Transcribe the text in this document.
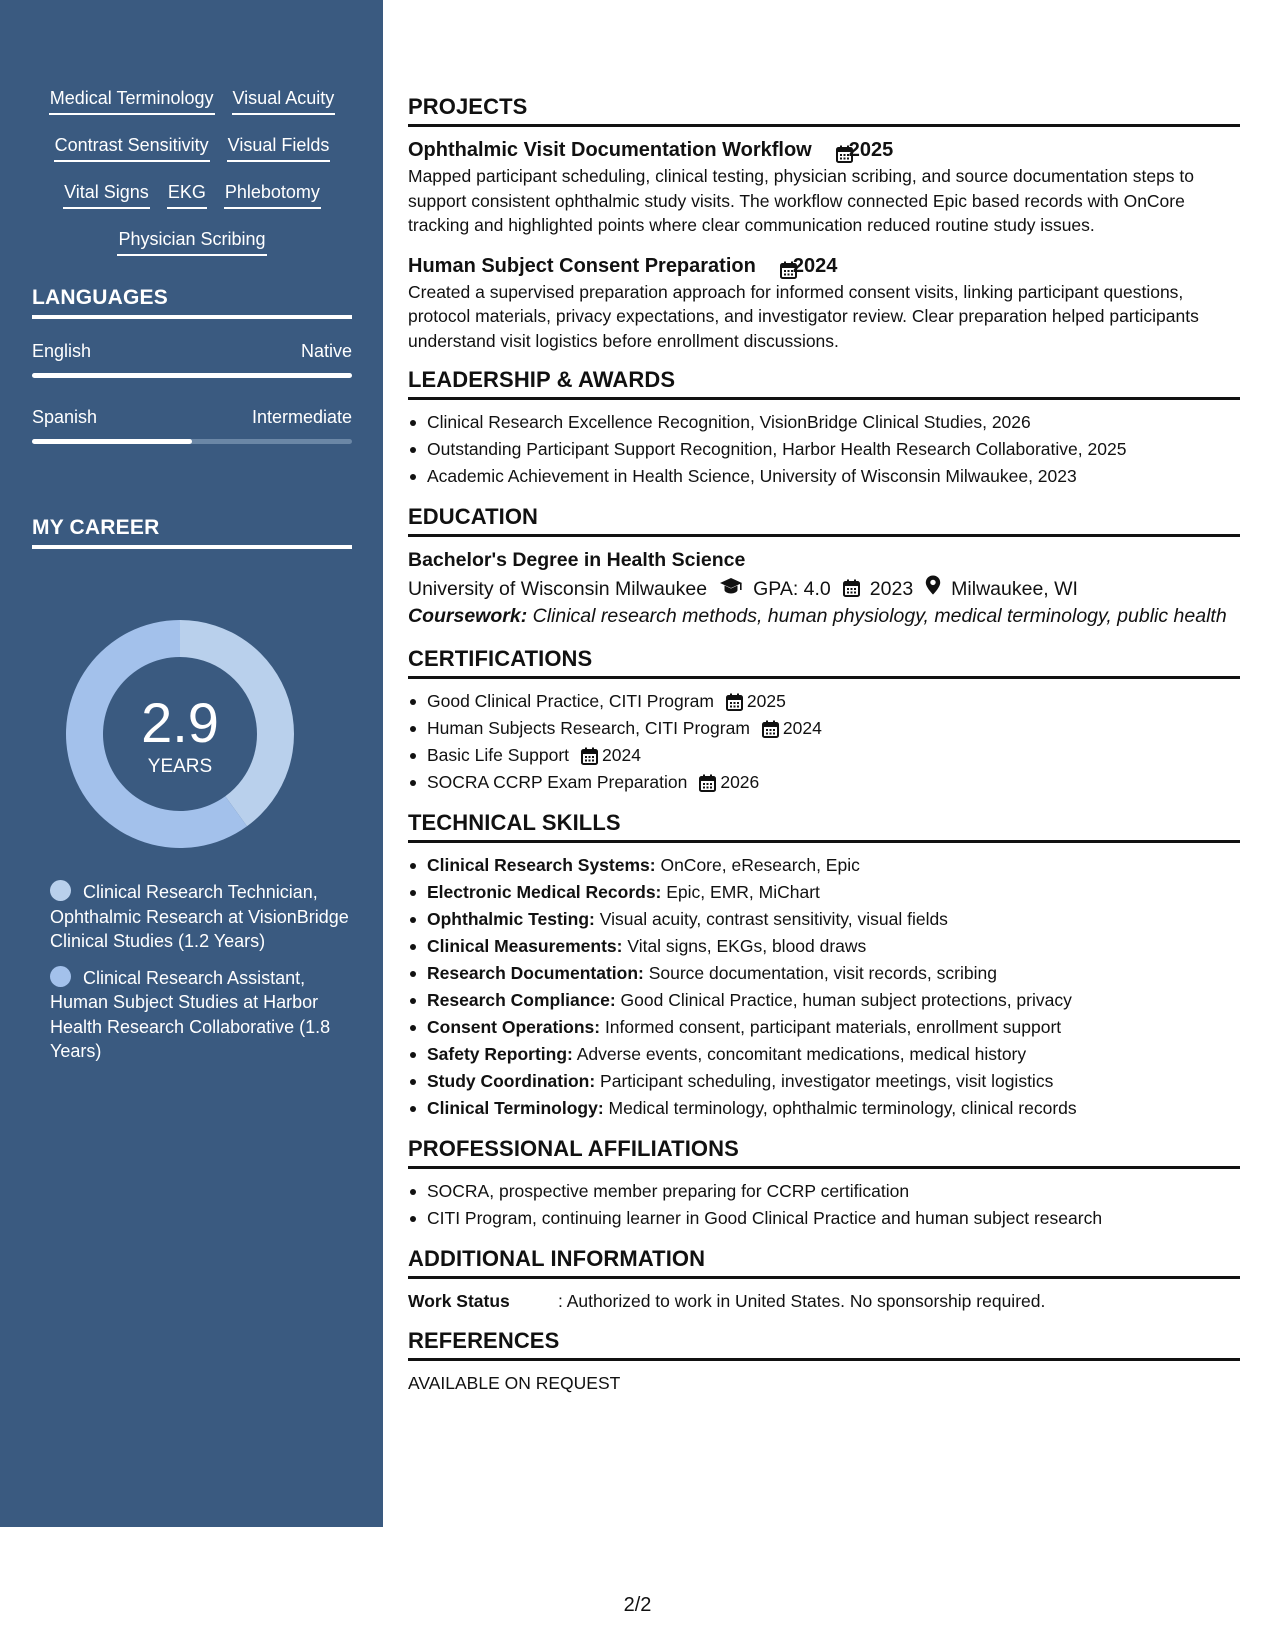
Medical Terminology Visual Acuity
Contrast Sensitivity Visual Fields
Vital Signs EKG Phlebotomy
Physician Scribing
LANGUAGES
English	Native
Spanish	Intermediate
MY CAREER
2.9
YEARS
Clinical Research Technician, Ophthalmic Research at VisionBridge Clinical Studies (1.2 Years)
Clinical Research Assistant, Human Subject Studies at Harbor Health Research Collaborative (1.8 Years)
PROJECTS
Ophthalmic Visit Documentation Workflow 2025
Mapped participant scheduling, clinical testing, physician scribing, and source documentation steps to support consistent ophthalmic study visits. The workflow connected Epic based records with OnCore tracking and highlighted points where clear communication reduced routine study issues.
Human Subject Consent Preparation 2024
Created a supervised preparation approach for informed consent visits, linking participant questions, protocol materials, privacy expectations, and investigator review. Clear preparation helped participants understand visit logistics before enrollment discussions.
LEADERSHIP & AWARDS
Clinical Research Excellence Recognition, VisionBridge Clinical Studies, 2026
Outstanding Participant Support Recognition, Harbor Health Research Collaborative, 2025
Academic Achievement in Health Science, University of Wisconsin Milwaukee, 2023
EDUCATION
Bachelor's Degree in Health Science
University of Wisconsin Milwaukee GPA: 4.0 2023 Milwaukee, WI
Coursework: Clinical research methods, human physiology, medical terminology, public health
CERTIFICATIONS
Good Clinical Practice, CITI Program 2025
Human Subjects Research, CITI Program 2024
Basic Life Support 2024
SOCRA CCRP Exam Preparation 2026
TECHNICAL SKILLS
Clinical Research Systems: OnCore, eResearch, Epic
Electronic Medical Records: Epic, EMR, MiChart
Ophthalmic Testing: Visual acuity, contrast sensitivity, visual fields
Clinical Measurements: Vital signs, EKGs, blood draws
Research Documentation: Source documentation, visit records, scribing
Research Compliance: Good Clinical Practice, human subject protections, privacy
Consent Operations: Informed consent, participant materials, enrollment support
Safety Reporting: Adverse events, concomitant medications, medical history
Study Coordination: Participant scheduling, investigator meetings, visit logistics
Clinical Terminology: Medical terminology, ophthalmic terminology, clinical records
PROFESSIONAL AFFILIATIONS
SOCRA, prospective member preparing for CCRP certification
CITI Program, continuing learner in Good Clinical Practice and human subject research
ADDITIONAL INFORMATION
Work Status	: Authorized to work in United States. No sponsorship required.
REFERENCES
AVAILABLE ON REQUEST
2/2
